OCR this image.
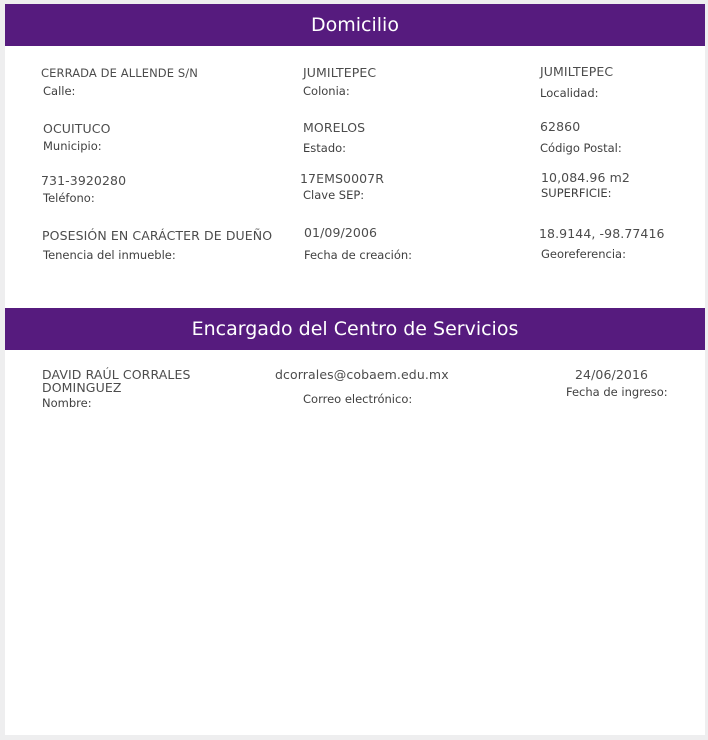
Domicilio
CERRADA DE ALLENDE S/N
Calle:
JUMILTEPEC
Colonia:
JUMILTEPEC
Localidad:
OCUITUCO
Municipio:
MORELOS
Estado:
62860
Código Postal:
731-3920280
Teléfono:
17EMS0007R
Clave SEP:
10,084.96 m2
SUPERFICIE:
POSESIÓN EN CARÁCTER DE DUEÑO
Tenencia del inmueble:
01/09/2006
Fecha de creación:
18.9144, -98.77416
Georeferencia:
Encargado del Centro de Servicios
DAVID RAÚL CORRALES DOMINGUEZ
Nombre:
dcorrales@cobaem.edu.mx
Correo electrónico:
24/06/2016
Fecha de ingreso:
